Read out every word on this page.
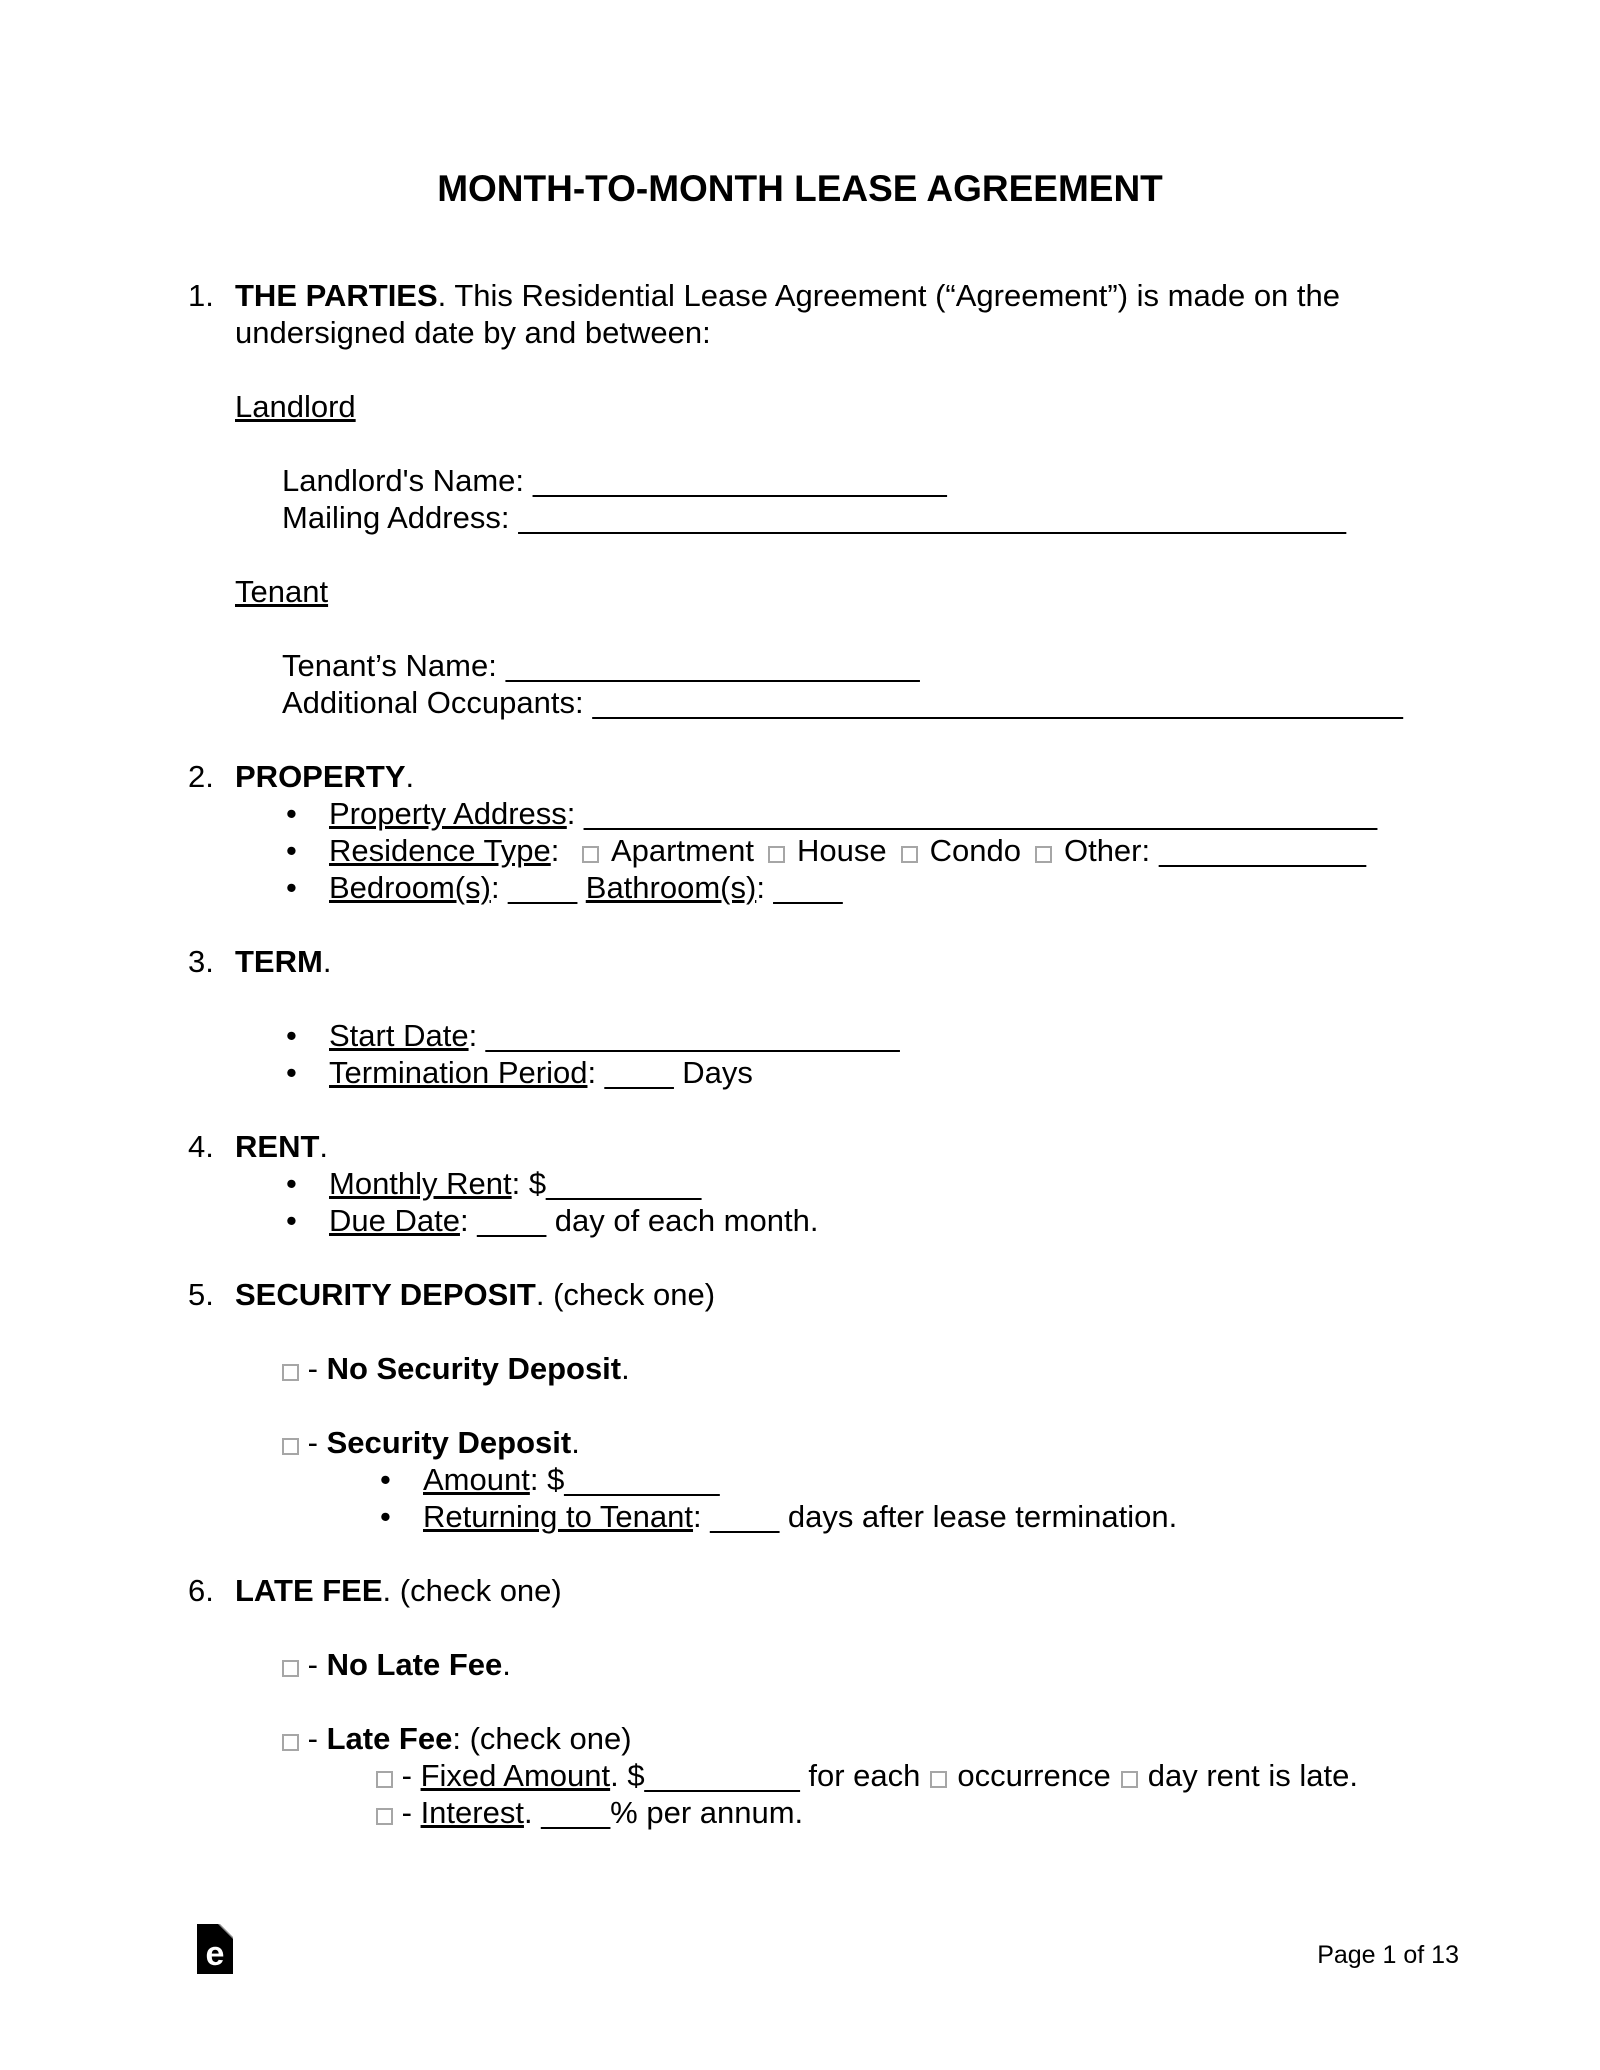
MONTH-TO-MONTH LEASE AGREEMENT
1. THE PARTIES. This Residential Lease Agreement (“Agreement”) is made on the undersigned date by and between:
Landlord
Landlord's Name: ________________________
Mailing Address: ________________________________________________
Tenant
Tenant’s Name: ________________________
Additional Occupants: _______________________________________________
2. PROPERTY.
• Property Address: ______________________________________________
• Residence Type: Apartment House Condo Other: ____________
• Bedroom(s): ____ Bathroom(s): ____
3. TERM.
• Start Date: ________________________
• Termination Period: ____ Days
4. RENT.
• Monthly Rent: $_________
• Due Date: ____ day of each month.
5. SECURITY DEPOSIT. (check one)
- No Security Deposit.
- Security Deposit.
• Amount: $_________
• Returning to Tenant: ____ days after lease termination.
6. LATE FEE. (check one)
- No Late Fee.
- Late Fee: (check one)
- Fixed Amount. $_________ for each occurrence day rent is late.
- Interest. ____% per annum.
e	Page 1 of 13
